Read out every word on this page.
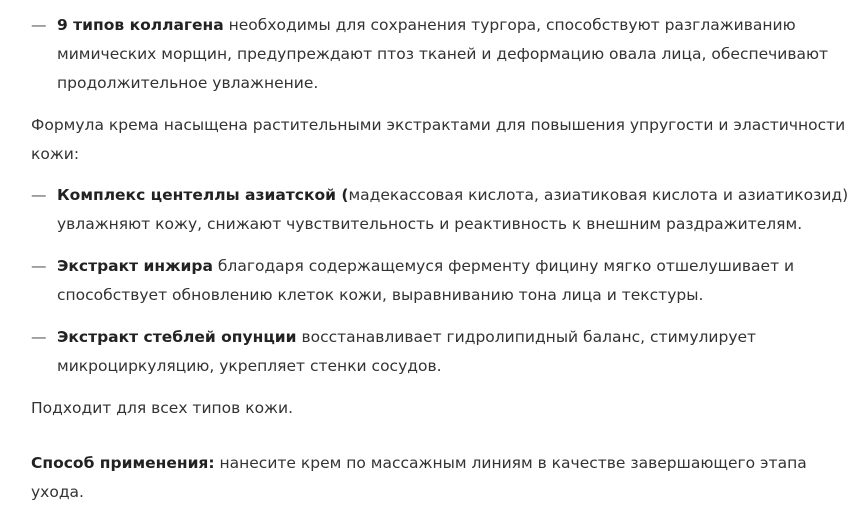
— 9 типов коллагена необходимы для сохранения тургора, способствуют разглаживанию мимических морщин, предупреждают птоз тканей и деформацию овала лица, обеспечивают продолжительное увлажнение.
Формула крема насыщена растительными экстрактами для повышения упругости и эластичности кожи:
— Комплекс центеллы азиатской (мадекассовая кислота, азиатиковая кислота и азиатикозид) увлажняют кожу, снижают чувствительность и реактивность к внешним раздражителям.
— Экстракт инжира благодаря содержащемуся ферменту фицину мягко отшелушивает и способствует обновлению клеток кожи, выравниванию тона лица и текстуры.
— Экстракт стеблей опунции восстанавливает гидролипидный баланс, стимулирует микроциркуляцию, укрепляет стенки сосудов.
Подходит для всех типов кожи.
Способ применения: нанесите крем по массажным линиям в качестве завершающего этапа ухода.
